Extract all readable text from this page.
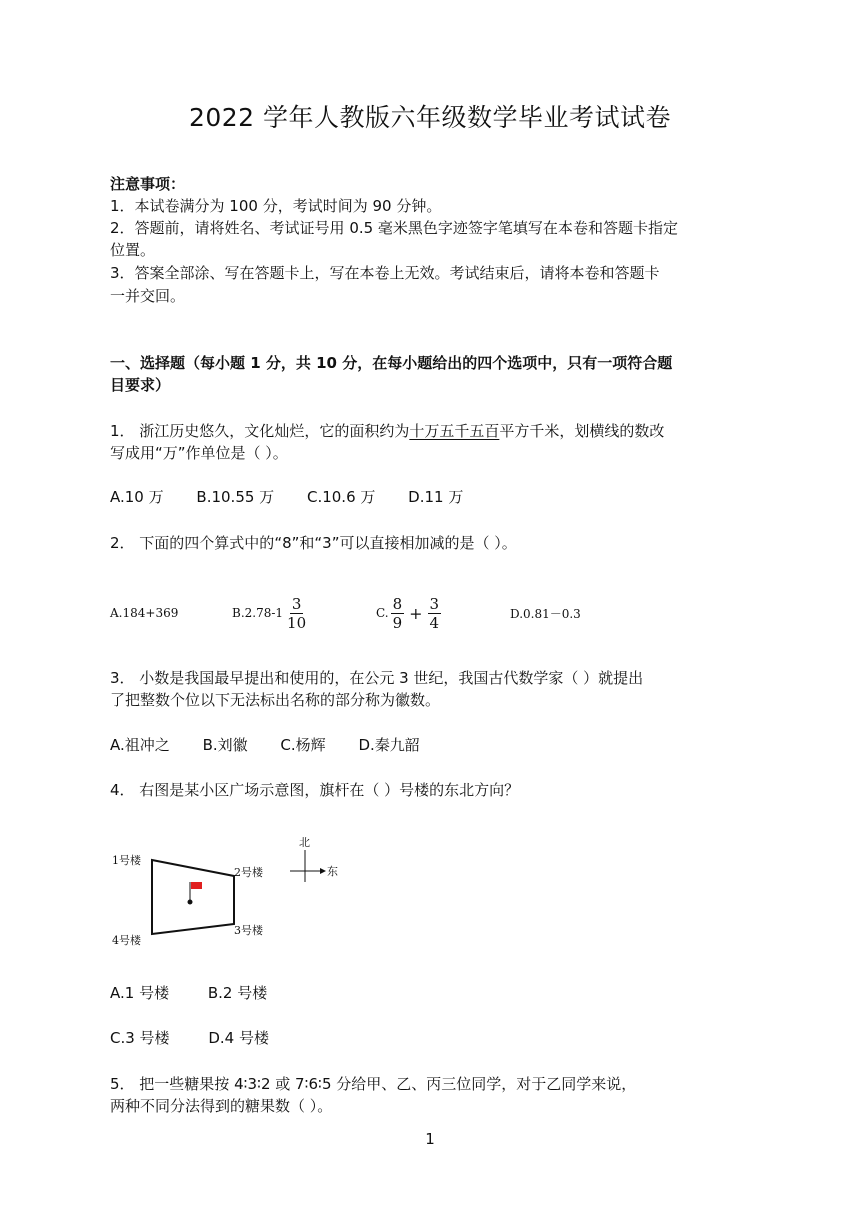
2022 学年人教版六年级数学毕业考试试卷
注意事项：
1．本试卷满分为 100 分，考试时间为 90 分钟。
2．答题前，请将姓名、考试证号用 0.5 毫米黑色字迹签字笔填写在本卷和答题卡指定
位置。
3．答案全部涂、写在答题卡上，写在本卷上无效。考试结束后，请将本卷和答题卡
一并交回。
一、选择题（每小题 1 分，共 10 分，在每小题给出的四个选项中，只有一项符合题
目要求）
1． 浙江历史悠久，文化灿烂，它的面积约为十万五千五百平方千米，划横线的数改
写成用“万”作单位是（ ）。
A.10 万 B.10.55 万 C.10.6 万 D.11 万
2． 下面的四个算式中的“8”和“3”可以直接相加减的是（ ）。
A.184+369	$B.2.78-1 \frac{3}{10}$	C. $\frac{8}{9} + \frac{3}{4}$	D.0.81－0.3
3． 小数是我国最早提出和使用的，在公元 3 世纪，我国古代数学家（ ）就提出
了把整数个位以下无法标出名称的部分称为徽数。
A.祖冲之 B.刘徽 C.杨辉 D.秦九韶
4． 右图是某小区广场示意图，旗杆在（ ）号楼的东北方向？
1号楼
2号楼
3号楼
4号楼
北
东
A.1 号楼	B.2 号楼
C.3 号楼	D.4 号楼
5． 把一些糖果按 4∶3∶2 或 7∶6∶5 分给甲、乙、丙三位同学，对于乙同学来说，
两种不同分法得到的糖果数（ ）。
1
